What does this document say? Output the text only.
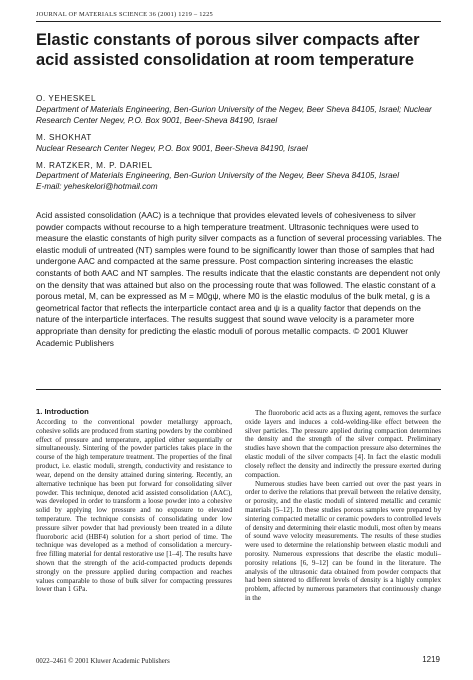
JOURNAL OF MATERIALS SCIENCE 36 (2001) 1219 – 1225
Elastic constants of porous silver compacts after acid assisted consolidation at room temperature
O. YEHESKEL
Department of Materials Engineering, Ben-Gurion University of the Negev, Beer Sheva 84105, Israel; Nuclear Research Center Negev, P.O. Box 9001, Beer-Sheva 84190, Israel
M. SHOKHAT
Nuclear Research Center Negev, P.O. Box 9001, Beer-Sheva 84190, Israel
M. RATZKER, M. P. DARIEL
Department of Materials Engineering, Ben-Gurion University of the Negev, Beer Sheva 84105, Israel
E-mail: yeheskelori@hotmail.com

Acid assisted consolidation (AAC) is a technique that provides elevated levels of cohesiveness to silver powder compacts without recourse to a high temperature treatment. Ultrasonic techniques were used to measure the elastic constants of high purity silver compacts as a function of several processing variables. The elastic moduli of untreated (NT) samples were found to be significantly lower than those of samples that had undergone AAC and compacted at the same pressure. Post compaction sintering increases the elastic constants of both AAC and NT samples. The results indicate that the elastic constants are dependent not only on the density that was attained but also on the processing route that was followed. The elastic constant of a porous metal, M, can be expressed as M = M0gψ, where M0 is the elastic modulus of the bulk metal, g is a geometrical factor that reflects the interparticle contact area and ψ is a quality factor that depends on the nature of the interparticle interfaces. The results suggest that sound wave velocity is a parameter more appropriate than density for predicting the elastic moduli of porous metallic compacts. © 2001 Kluwer Academic Publishers

1. Introduction

According to the conventional powder metallurgy approach, cohesive solids are produced from starting powders by the combined effect of pressure and temperature, applied either sequentially or simultaneously. Sintering of the powder particles takes place in the course of the high temperature treatment. The properties of the final product, i.e. elastic moduli, strength, conductivity and resistance to wear, depend on the density attained during sintering. Recently, an alternative technique has been put forward for consolidating silver powder. This technique, denoted acid assisted consolidation (AAC), was developed in order to transform a loose powder into a cohesive solid by applying low pressure and no exposure to elevated temperature. The technique consists of consolidating under low pressure silver powder that had previously been treated in a dilute fluoroboric acid (HBF4) solution for a short period of time. The technique was developed as a method of consolidation a mercury-free filling material for dental restorative use [1–4]. The results have shown that the strength of the acid-compacted products depends strongly on the pressure applied during compaction and reaches values comparable to those of bulk silver for compacting pressures lower than 1 GPa.

The fluoroboric acid acts as a fluxing agent, removes the surface oxide layers and induces a cold-welding-like effect between the silver particles. The pressure applied during compaction determines the density and the strength of the silver compact. Preliminary studies have shown that the compaction pressure also determines the elastic moduli of the silver compacts [4]. In fact the elastic moduli closely reflect the density and indirectly the pressure exerted during compaction.

Numerous studies have been carried out over the past years in order to derive the relations that prevail between the relative density, or porosity, and the elastic moduli of sintered metallic and ceramic materials [5–12]. In these studies porous samples were prepared by sintering compacted metallic or ceramic powders to controlled levels of density and determining their elastic moduli, most often by means of sound wave velocity measurements. The results of these studies were used to determine the relationship between elastic moduli and porosity. Numerous expressions that describe the elastic moduli–porosity relations [6, 9–12] can be found in the literature. The analysis of the ultrasonic data obtained from powder compacts that had been sintered to different levels of density is a highly complex problem, affected by numerous parameters that continuously change in the

0022–2461 © 2001 Kluwer Academic Publishers	1219
